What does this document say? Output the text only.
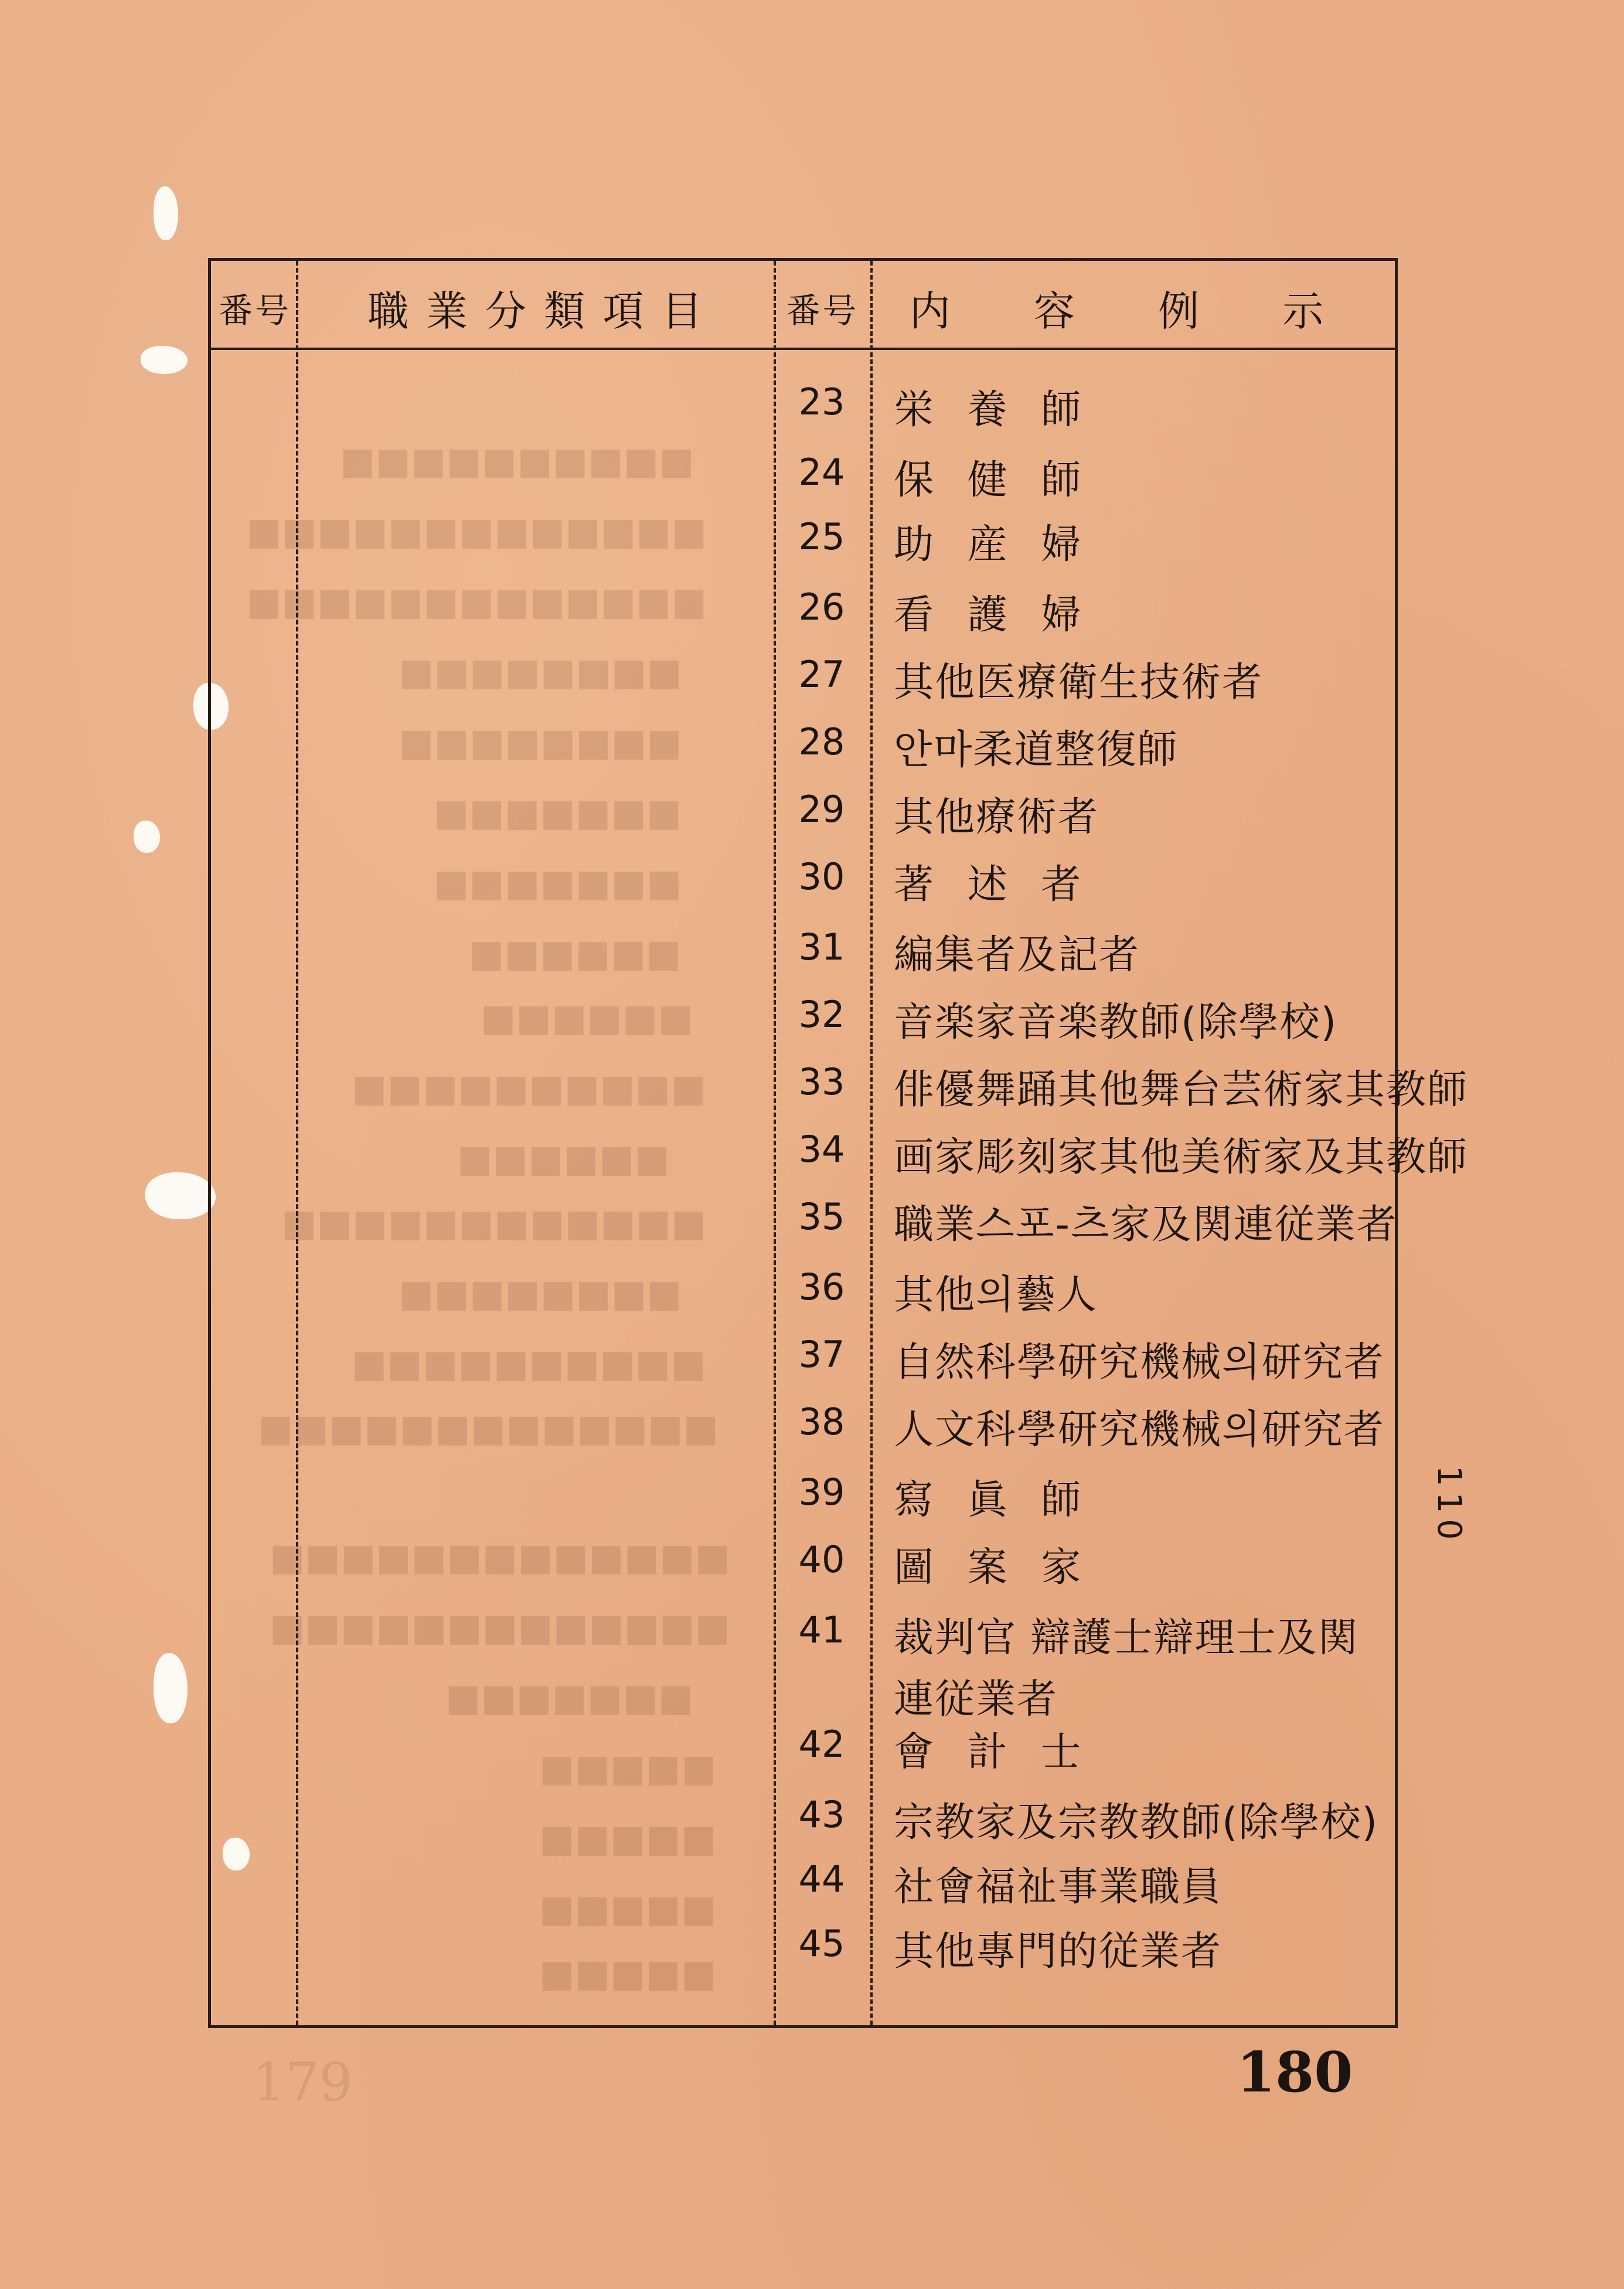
■■■■■■■■■■
■■■■■■■■■■■■■
■■■■■■■■■■■■■
■■■■■■■■
■■■■■■■■
■■■■■■■
■■■■■■■
■■■■■■
■■■■■■
■■■■■■■■■■
■■■■■■
■■■■■■■■■■■■
■■■■■■■■
■■■■■■■■■■
■■■■■■■■■■■■■
■■■■■■■■■■■■■
■■■■■■■■■■■■■
■■■■■■■
■■■■■
■■■■■
■■■■■
■■■■■
番号	職 業 分 類 項 目	番号	内 容 例 示
23	栄 養 師
24	保 健 師
25	助 産 婦
26	看 護 婦
27	其他医療衛生技術者
28	안마柔道整復師
29	其他療術者
30	著 述 者
31	編集者及記者
32	音楽家音楽教師(除學校)
33	俳優舞踊其他舞台芸術家其教師
34	画家彫刻家其他美術家及其教師
35	職業스포-츠家及関連従業者
36	其他의藝人
37	自然科學研究機械의研究者
38	人文科學研究機械의研究者
39	寫 眞 師
40	圖 案 家
41	裁判官 辯護士辯理士及関
連従業者
42	會 計 士
43	宗教家及宗教教師(除學校)
44	社會福祉事業職員
45	其他專門的従業者
110
179	180
